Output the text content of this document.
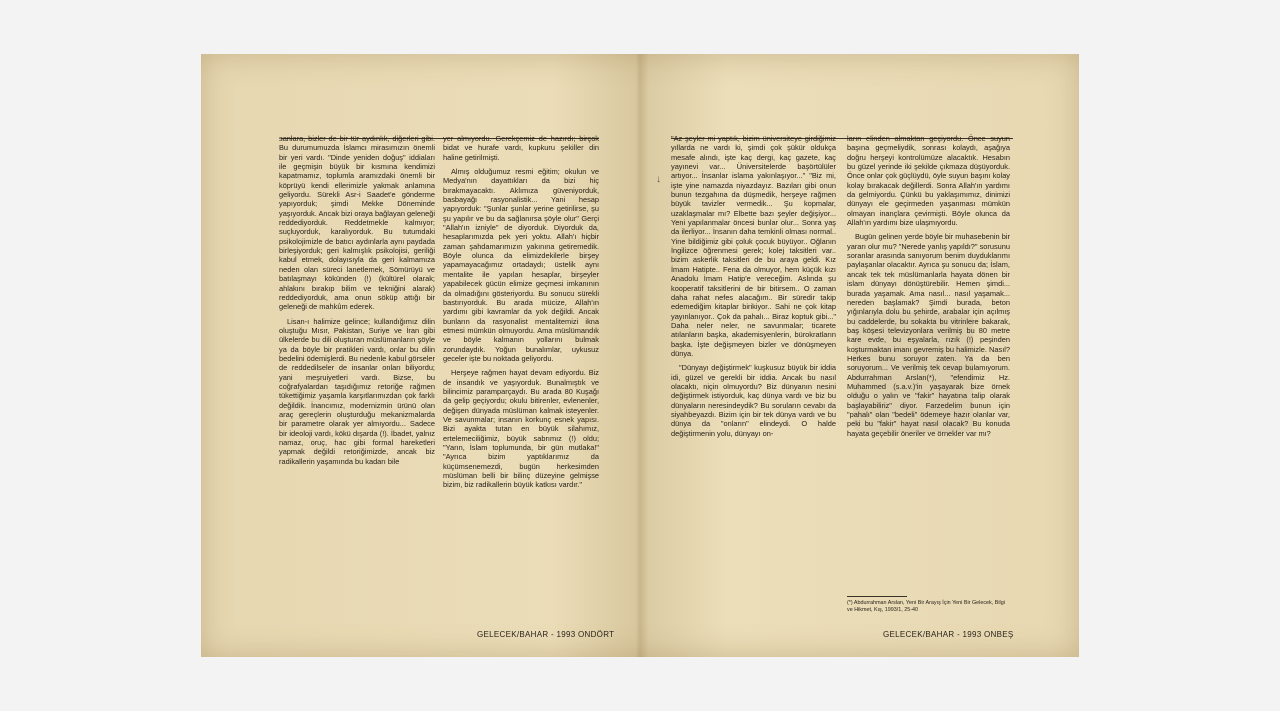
sanlara, bizler de bir tür aydınlık, diğerleri gibi. Bu durumumuzda İslamcı mirasımızın önemli bir yeri vardı. "Dinde yeniden doğuş" iddiaları ile geçmişin büyük bir kısmına kendimizi kapatmamız, toplumla aramızdaki önemli bir köprüyü kendi ellerimizle yakmak anlamına geliyordu. Sürekli Asr-i Saadet'e gönderme yapıyorduk; şimdi Mekke Döneminde yaşıyorduk. Ancak bizi oraya bağlayan geleneği reddediyorduk. Reddetmekle kalmıyor; suçluyorduk, karalıyorduk. Bu tutumdaki psikolojimizle de batıcı aydınlarla aynı paydada birleşiyorduk; geri kalmışlık psikolojisi, geriliği kabul etmek, dolayısıyla da geri kalmamıza neden olan süreci lanetlemek, Sömürüyü ve batılaşmayı kökünden (!) (kültürel olarak; ahlakını bırakıp bilim ve tekniğini alarak) reddediyorduk, ama onun söküp attığı bir geleneği de mahkûm ederek.

Lisan-ı halimize gelince; kullandığımız dilin oluştuğu Mısır, Pakistan, Suriye ve İran gibi ülkelerde bu dili oluşturan müslümanların şöyle ya da böyle bir pratikleri vardı, onlar bu dilin bedelini ödemişlerdi. Bu nedenle kabul görseler de reddedilseler de insanlar onları biliyordu; yani meşruiyetleri vardı. Bizse, bu coğrafyalardan taşıdığımız retoriğe rağmen tükettiğimiz yaşamla karşıtlarımızdan çok farklı değildik. İnancımız, modernizmin ürünü olan araç gereçlerin oluşturduğu mekanizmalarda bir parametre olarak yer almıyordu... Sadece bir ideoloji vardı, kökü dışarda (!). İbadet, yalnız namaz, oruç, hac gibi formal hareketleri yapmak değildi retoriğimizde, ancak biz radikallerin yaşamında bu kadarı bile

yer almıyordu. Gerekçemiz de hazırdı; birçok bidat ve hurafe vardı, kupkuru şekiller din haline getirilmişti.

Almış olduğumuz resmi eğitim; okulun ve Medya'nın dayattıkları da bizi hiç bırakmayacaktı. Aklımıza güveniyorduk, basbayağı rasyonalistik... Yani hesap yapıyorduk: "Şunlar şunlar yerine getirilirse, şu şu yapılır ve bu da sağlanırsa şöyle olur" Gerçi "Allah'ın izniyle" de diyorduk. Diyorduk da, hesaplarımızda pek yeri yoktu. Allah'ı hiçbir zaman şahdamarımızın yakınına getiremedik. Böyle olunca da elimizdekilerle birşey yapamayacağımız ortadaydı; üstelik aynı mentalite ile yapılan hesaplar, birşeyler yapabilecek gücün elimize geçmesi imkanının da olmadığını gösteriyordu. Bu sonucu sürekli bastırıyorduk. Bu arada mücize, Allah'ın yardımı gibi kavramlar da yok değildi. Ancak bunların da rasyonalist mentalitemizi ikna etmesi mümkün olmuyordu. Ama müslümandık ve böyle kalmanın yollarını bulmak zorundaydık. Yoğun bunalımlar, uykusuz geceler işte bu noktada geliyordu.

Herşeye rağmen hayat devam ediyordu. Biz de insandık ve yaşıyorduk. Bunalmıştık ve bilincimiz paramparçaydı. Bu arada 80 Kuşağı da gelip geçiyordu; okulu bitirenler, evlenenler, değişen dünyada müslüman kalmak isteyenler. Ve savunmalar; insanın korkunç esnek yapısı. Bizi ayakta tutan en büyük silahımız, ertelemeciliğimiz, büyük sabrımız (!) oldu; "Yarın, İslam toplumunda, bir gün mutlaka!" "Ayrıca bizim yaptıklarımız da küçümsenemezdi, bugün herkesimden müslüman belli bir bilinç düzeyine gelmişse bizim, biz radikallerin büyük katkısı vardır."

GELECEK/BAHAR - 1993 ONDÖRT
↓

"Az şeyler mi yaptık, bizim üniversiteye girdiğimiz yıllarda ne vardı ki, şimdi çok şükür oldukça mesafe alındı, işte kaç dergi, kaç gazete, kaç yayınevi var... Üniversitelerde başörtülüler artıyor... İnsanlar islama yakınlaşıyor..." "Biz mi, işte yine namazda niyazdayız. Bazıları gibi onun bunun tezgahına da düşmedik, herşeye rağmen büyük tavizler vermedik... Şu kopmalar, uzaklaşmalar mı? Elbette bazı şeyler değişiyor... Yeni yapılanmalar öncesi bunlar olur... Sonra yaş da ilerliyor... İnsanın daha temkinli olması normal.. Yine bildiğimiz gibi çoluk çocuk büyüyor.. Oğlanın İngilizce öğrenmesi gerek; kolej taksitleri var.. bizim askerlik taksitleri de bu araya geldi. Kız İmam Hatipte.. Fena da olmuyor, hem küçük kızı Anadolu İmam Hatip'e vereceğim. Aslında şu kooperatif taksitlerini de bir bitirsem.. O zaman daha rahat nefes alacağım.. Bir süredir takip edemediğim kitaplar birikiyor.. Sahi ne çok kitap yayınlanıyor.. Çok da pahalı... Biraz koptuk gibi..." Daha neler neler, ne savunmalar; ticarete atılanların başka, akademisyenlerin, bürokratların başka. İşte değişmeyen bizler ve dönüşmeyen dünya.

"Dünyayı değiştirmek" kuşkusuz büyük bir iddia idi, güzel ve gerekli bir iddia. Ancak bu nasıl olacaktı, niçin olmuyordu? Biz dünyanın nesini değiştirmek istiyorduk, kaç dünya vardı ve biz bu dünyaların neresindeydik? Bu soruların cevabı da siyahbeyazdı. Bizim için bir tek dünya vardı ve bu dünya da "onların" elindeydi. O halde değiştirmenin yolu, dünyayı on-

ların elinden almaktan geçiyordu. Önce suyun başına geçmeliydik, sonrası kolaydı, aşağıya doğru herşeyi kontrolümüze alacaktık. Hesabın bu güzel yerinde iki şekilde çıkmaza düşüyorduk. Önce onlar çok güçlüydü, öyle suyun başını kolay kolay bırakacak değillerdi. Sonra Allah'ın yardımı da gelmiyordu. Çünkü bu yaklaşımımız, dinimizi dünyayı ele geçirmeden yaşanması mümkün olmayan inançlara çevirmişti. Böyle olunca da Allah'ın yardımı bize ulaşmıyordu.

Bugün gelinen yerde böyle bir muhasebenin bir yararı olur mu? "Nerede yanlış yapıldı?" sorusunu soranlar arasında sanıyorum benim duyduklarımı paylaşanlar olacaktır. Ayrıca şu sonucu da; İslam, ancak tek tek müslümanlarla hayata dönen bir islam dünyayı dönüştürebilir. Hemen şimdi... burada yaşamak. Ama nasıl... nasıl yaşamak... nereden başlamak? Şimdi burada, beton yığınlarıyla dolu bu şehirde, arabalar için açılmış bu caddelerde, bu sokakta bu vitrinlere bakarak, baş köşesi televizyonlara verilmiş bu 80 metre kare evde, bu eşyalarla, rızık (!) peşinden koşturmaktan imanı gevremiş bu halimizle. Nasıl? Herkes bunu soruyor zaten. Ya da ben soruyorum... Ve verilmiş tek cevap bulamıyorum. Abdurrahman Arslan(*), "efendimiz Hz. Muhammed (s.a.v.)'in yaşayarak bize örnek olduğu o yalın ve "fakir" hayatına talip olarak başlayabiliriz" diyor. Farzedelim bunun için "pahalı" olan "bedeli" ödemeye hazır olanlar var, peki bu "fakir" hayat nasıl olacak? Bu konuda hayata geçebilir öneriler ve örnekler var mı?

(*) Abdurrahman Arslan, Yeni Bir Arayış İçin Yeni Bir Gelecek, Bilgi ve Hikmet, Kış, 1993/1, 25-40
GELECEK/BAHAR - 1993 ONBEŞ
